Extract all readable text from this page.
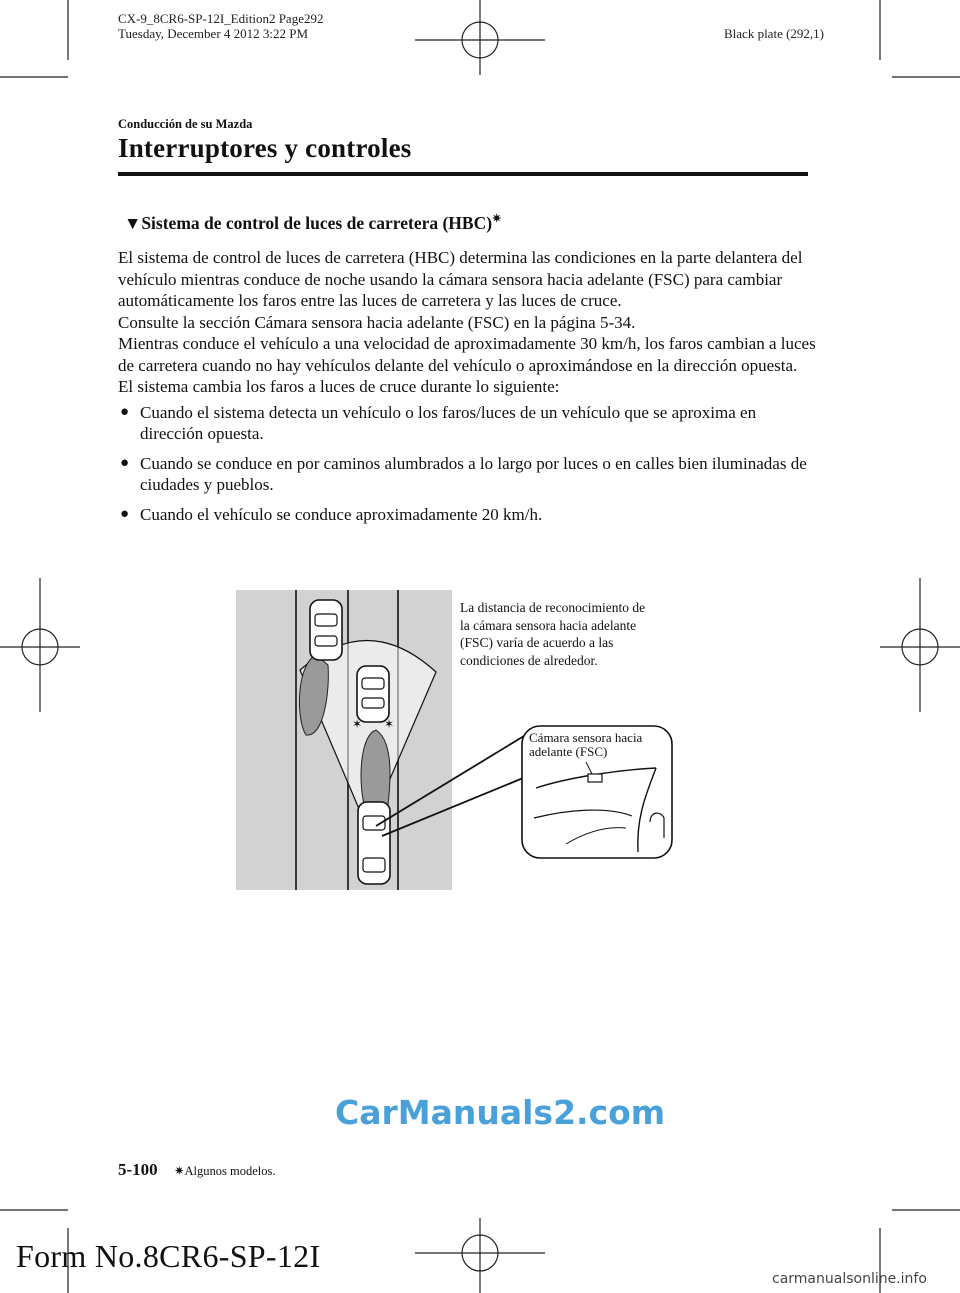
CX-9_8CR6-SP-12I_Edition2 Page292
Tuesday, December 4 2012 3:22 PM	Black plate (292,1)
Conducción de su Mazda
Interruptores y controles
▼Sistema de control de luces de carretera (HBC)✷

El sistema de control de luces de carretera (HBC) determina las condiciones en la parte delantera del vehículo mientras conduce de noche usando la cámara sensora hacia adelante (FSC) para cambiar automáticamente los faros entre las luces de carretera y las luces de cruce.

Consulte la sección Cámara sensora hacia adelante (FSC) en la página 5-34.

Mientras conduce el vehículo a una velocidad de aproximadamente 30 km/h, los faros cambian a luces de carretera cuando no hay vehículos delante del vehículo o aproximándose en la dirección opuesta.

El sistema cambia los faros a luces de cruce durante lo siguiente:

● Cuando el sistema detecta un vehículo o los faros/luces de un vehículo que se aproxima en dirección opuesta.
● Cuando se conduce en por caminos alumbrados a lo largo por luces o en calles bien iluminadas de ciudades y pueblos.
● Cuando el vehículo se conduce aproximadamente 20 km/h.
✶ ✶
La distancia de reconocimiento de
la cámara sensora hacia adelante
(FSC) varía de acuerdo a las
condiciones de alrededor.
Cámara sensora hacia
adelante (FSC)
CarManuals2.com
5-100 ✷Algunos modelos.
Form No.8CR6-SP-12I
carmanualsonline.info
